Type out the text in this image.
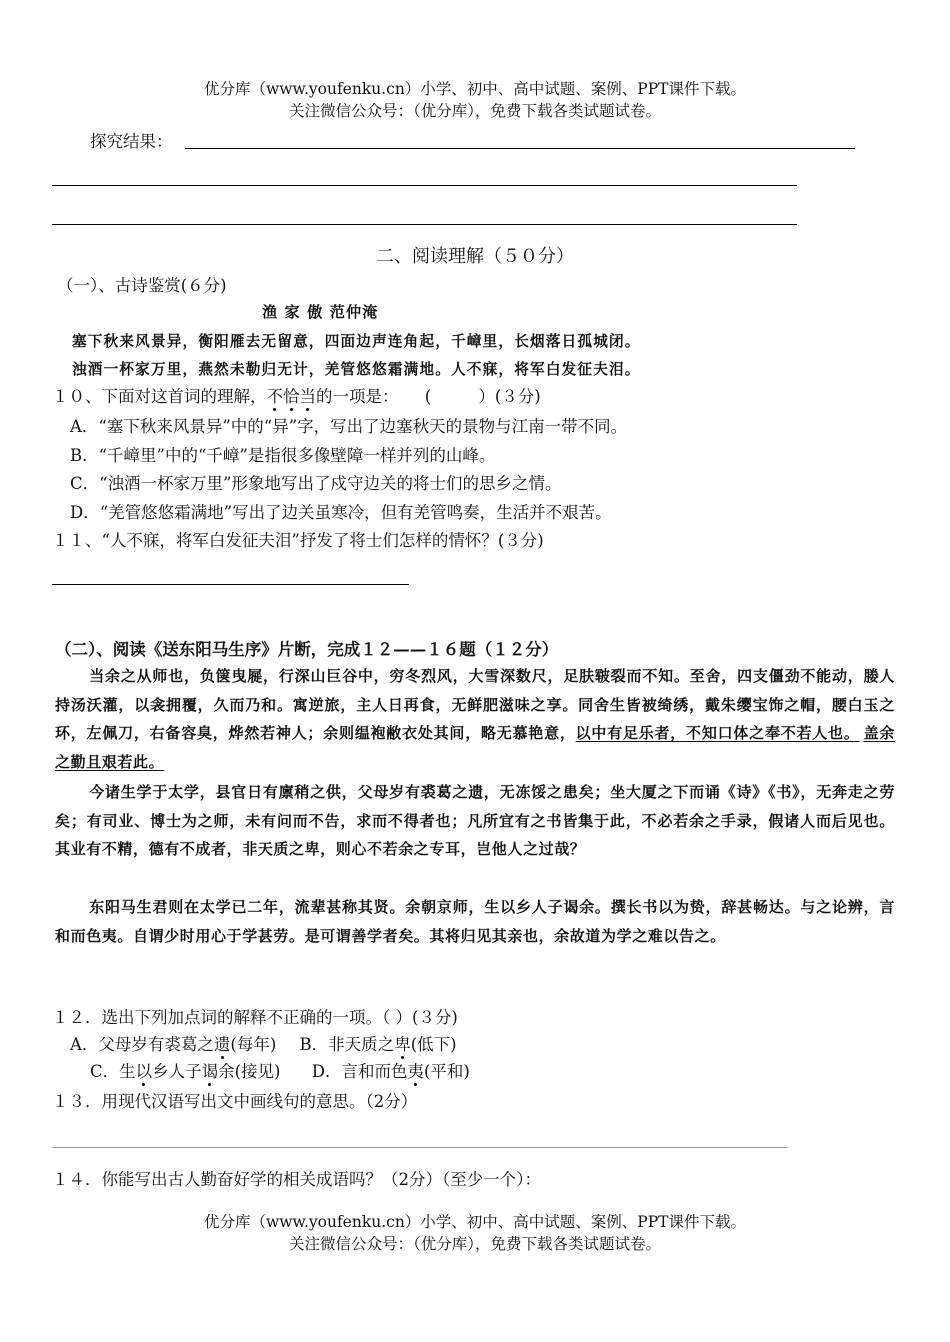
优分库（www.youfenku.cn）小学、初中、高中试题、案例、PPT课件下载。
关注微信公众号：（优分库），免费下载各类试题试卷。
探究结果：
二、阅读理解（５０分）
（一）、古诗鉴赏(６分)
渔 家 傲 范仲淹
塞下秋来风景异，衡阳雁去无留意，四面边声连角起，千嶂里，长烟落日孤城闭。
浊酒一杯家万里，燕然未勒归无计，羌管悠悠霜满地。人不寐，将军白发征夫泪。
１０、下面对这首词的理解，不恰当的一项是：     (         ）(３分)
A．“塞下秋来风景异”中的“异”字，写出了边塞秋天的景物与江南一带不同。
B．“千嶂里”中的“千嶂”是指很多像壁障一样并列的山峰。
C．“浊酒一杯家万里”形象地写出了戍守边关的将士们的思乡之情。
D．“羌管悠悠霜满地”写出了边关虽寒冷，但有羌管鸣奏，生活并不艰苦。
１１、“人不寐，将军白发征夫泪”抒发了将士们怎样的情怀？(３分)
（二）、阅读《送东阳马生序》片断，完成１２——１６题（１２分）
当余之从师也，负箧曳屣，行深山巨谷中，穷冬烈风，大雪深数尺，足肤皲裂而不知。至舍，四支僵劲不能动，媵人持汤沃灌，以衾拥覆，久而乃和。寓逆旅，主人日再食，无鲜肥滋味之享。同舍生皆被绮绣，戴朱缨宝饰之帽，腰白玉之环，左佩刀，右备容臭，烨然若神人；余则缊袍敝衣处其间，略无慕艳意，以中有足乐者，不知口体之奉不若人也。 盖余之勤且艰若此。
今诸生学于太学，县官日有廪稍之供，父母岁有裘葛之遗，无冻馁之患矣；坐大厦之下而诵《诗》《书》，无奔走之劳矣；有司业、博士为之师，未有问而不告，求而不得者也；凡所宜有之书皆集于此，不必若余之手录，假诸人而后见也。其业有不精，德有不成者，非天质之卑，则心不若余之专耳，岂他人之过哉？
东阳马生君则在太学已二年，流辈甚称其贤。余朝京师，生以乡人子谒余。撰长书以为贽，辞甚畅达。与之论辨，言和而色夷。自谓少时用心于学甚劳。是可谓善学者矣。其将归见其亲也，余故道为学之难以告之。
１２．选出下列加点词的解释不正确的一项。（ ）(３分)
A．父母岁有裘葛之遗(每年) B．非天质之卑(低下)
C．生以乡人子谒余(接见) D．言和而色夷(平和)
１３．用现代汉语写出文中画线句的意思。（2分）
１４．你能写出古人勤奋好学的相关成语吗？（2分）（至少一个）：
优分库（www.youfenku.cn）小学、初中、高中试题、案例、PPT课件下载。
关注微信公众号：（优分库），免费下载各类试题试卷。
